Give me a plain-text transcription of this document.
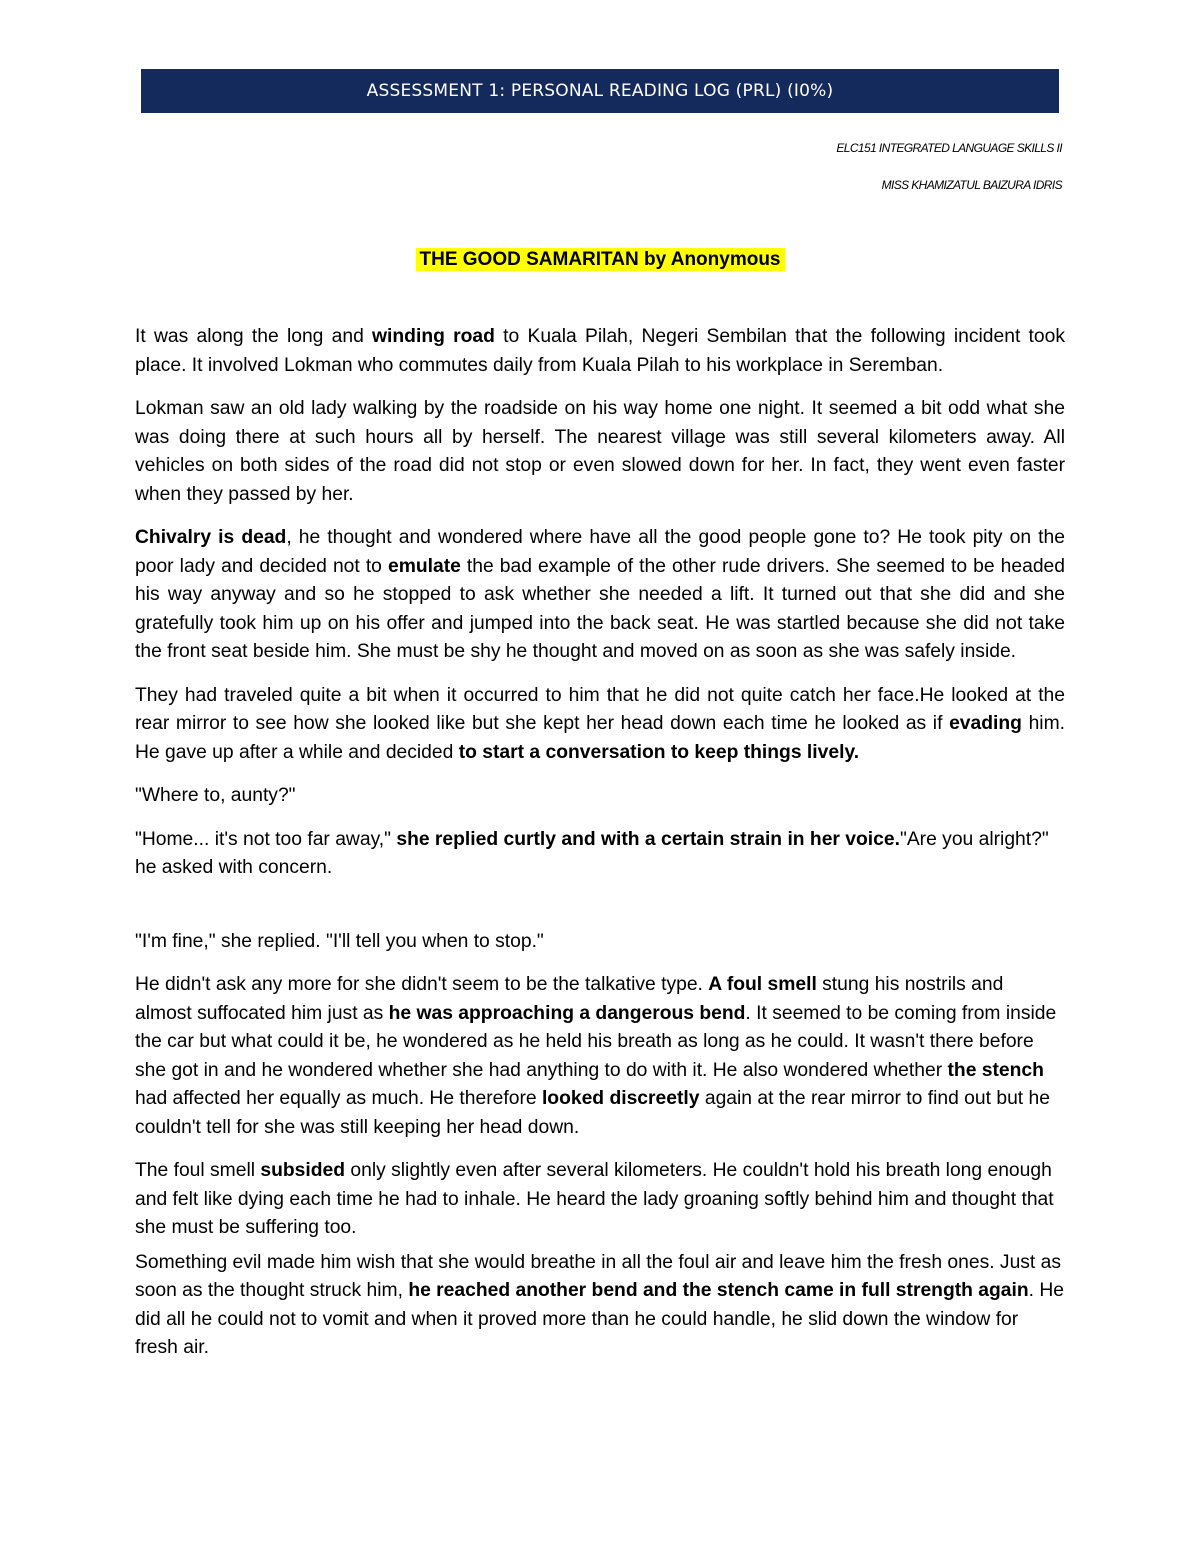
ASSESSMENT 1: PERSONAL READING LOG (PRL) (I0%)
ELC151 INTEGRATED LANGUAGE SKILLS II
MISS KHAMIZATUL BAIZURA IDRIS
THE GOOD SAMARITAN by Anonymous

It was along the long and winding road to Kuala Pilah, Negeri Sembilan that the following incident took place. It involved Lokman who commutes daily from Kuala Pilah to his workplace in Seremban.

Lokman saw an old lady walking by the roadside on his way home one night. It seemed a bit odd what she was doing there at such hours all by herself. The nearest village was still several kilometers away. All vehicles on both sides of the road did not stop or even slowed down for her. In fact, they went even faster when they passed by her.

Chivalry is dead, he thought and wondered where have all the good people gone to? He took pity on the poor lady and decided not to emulate the bad example of the other rude drivers. She seemed to be headed his way anyway and so he stopped to ask whether she needed a lift. It turned out that she did and she gratefully took him up on his offer and jumped into the back seat. He was startled because she did not take the front seat beside him. She must be shy he thought and moved on as soon as she was safely inside.

They had traveled quite a bit when it occurred to him that he did not quite catch her face.He looked at the rear mirror to see how she looked like but she kept her head down each time he looked as if evading him. He gave up after a while and decided to start a conversation to keep things lively.

"Where to, aunty?"

"Home... it's not too far away," she replied curtly and with a certain strain in her voice."Are you alright?" he asked with concern.

"I'm fine," she replied. "I'll tell you when to stop."

He didn't ask any more for she didn't seem to be the talkative type. A foul smell stung his nostrils and almost suffocated him just as he was approaching a dangerous bend. It seemed to be coming from inside the car but what could it be, he wondered as he held his breath as long as he could. It wasn't there before she got in and he wondered whether she had anything to do with it. He also wondered whether the stench had affected her equally as much. He therefore looked discreetly again at the rear mirror to find out but he couldn't tell for she was still keeping her head down.

The foul smell subsided only slightly even after several kilometers. He couldn't hold his breath long enough and felt like dying each time he had to inhale. He heard the lady groaning softly behind him and thought that she must be suffering too.

Something evil made him wish that she would breathe in all the foul air and leave him the fresh ones. Just as soon as the thought struck him, he reached another bend and the stench came in full strength again. He did all he could not to vomit and when it proved more than he could handle, he slid down the window for fresh air.
